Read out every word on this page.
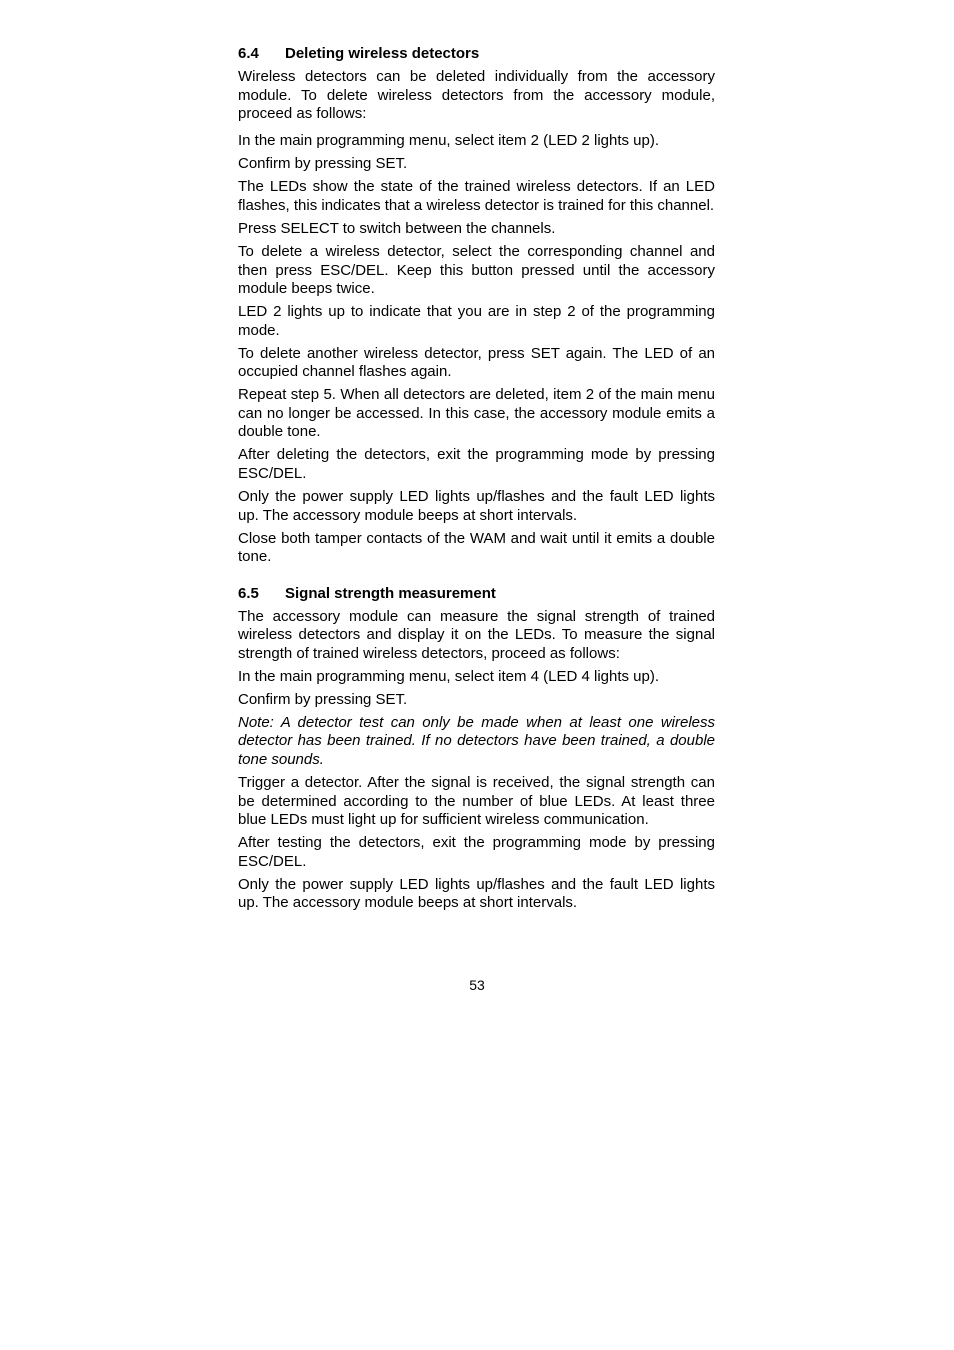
6.4	Deleting wireless detectors

Wireless detectors can be deleted individually from the accessory module. To delete wireless detectors from the accessory module, proceed as follows:

In the main programming menu, select item 2 (LED 2 lights up).

Confirm by pressing SET.

The LEDs show the state of the trained wireless detectors. If an LED flashes, this indicates that a wireless detector is trained for this channel.

Press SELECT to switch between the channels.

To delete a wireless detector, select the corresponding channel and then press ESC/DEL. Keep this button pressed until the accessory module beeps twice.

LED 2 lights up to indicate that you are in step 2 of the programming mode.

To delete another wireless detector, press SET again. The LED of an occupied channel flashes again.

Repeat step 5. When all detectors are deleted, item 2 of the main menu can no longer be accessed. In this case, the accessory module emits a double tone.

After deleting the detectors, exit the programming mode by pressing ESC/DEL.

Only the power supply LED lights up/flashes and the fault LED lights up. The accessory module beeps at short intervals.

Close both tamper contacts of the WAM and wait until it emits a double tone.

6.5	Signal strength measurement

The accessory module can measure the signal strength of trained wireless detectors and display it on the LEDs. To measure the signal strength of trained wireless detectors, proceed as follows:

In the main programming menu, select item 4 (LED 4 lights up).

Confirm by pressing SET.

Note: A detector test can only be made when at least one wireless detector has been trained. If no detectors have been trained, a double tone sounds.

Trigger a detector. After the signal is received, the signal strength can be determined according to the number of blue LEDs. At least three blue LEDs must light up for sufficient wireless communication.

After testing the detectors, exit the programming mode by pressing ESC/DEL.

Only the power supply LED lights up/flashes and the fault LED lights up. The accessory module beeps at short intervals.

53
